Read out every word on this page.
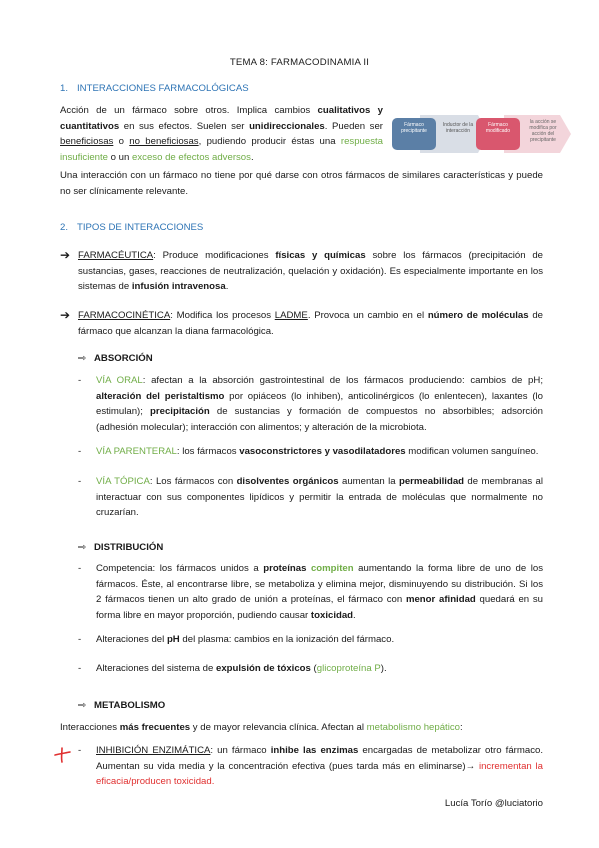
TEMA 8: FARMACODINAMIA II
1. INTERACCIONES FARMACOLÓGICAS
Acción de un fármaco sobre otros. Implica cambios cualitativos y cuantitativos en sus efectos. Suelen ser unidireccionales. Pueden ser beneficiosas o no beneficiosas, pudiendo producir éstas una respuesta insuficiente o un exceso de efectos adversos.
Fármaco precipitante
Inductor de la interacción
Fármaco modificado
la acción se modifica por acción del precipitante
Una interacción con un fármaco no tiene por qué darse con otros fármacos de similares características y puede no ser clínicamente relevante.
2. TIPOS DE INTERACCIONES
➔ FARMACÉUTICA: Produce modificaciones físicas y químicas sobre los fármacos (precipitación de sustancias, gases, reacciones de neutralización, quelación y oxidación). Es especialmente importante en los sistemas de infusión intravenosa.
➔ FARMACOCINÉTICA: Modifica los procesos LADME. Provoca un cambio en el número de moléculas de fármaco que alcanzan la diana farmacológica.
⇨ ABSORCIÓN
- VÍA ORAL: afectan a la absorción gastrointestinal de los fármacos produciendo: cambios de pH; alteración del peristaltismo por opiáceos (lo inhiben), anticolinérgicos (lo enlentecen), laxantes (lo estimulan); precipitación de sustancias y formación de compuestos no absorbibles; adsorción (adhesión molecular); interacción con alimentos; y alteración de la microbiota.
- VÍA PARENTERAL: los fármacos vasoconstrictores y vasodilatadores modifican volumen sanguíneo.
- VÍA TÓPICA: Los fármacos con disolventes orgánicos aumentan la permeabilidad de membranas al interactuar con sus componentes lipídicos y permitir la entrada de moléculas que normalmente no cruzarían.
⇨ DISTRIBUCIÓN
- Competencia: los fármacos unidos a proteínas compiten aumentando la forma libre de uno de los fármacos. Éste, al encontrarse libre, se metaboliza y elimina mejor, disminuyendo su distribución. Si los 2 fármacos tienen un alto grado de unión a proteínas, el fármaco con menor afinidad quedará en su forma libre en mayor proporción, pudiendo causar toxicidad.
- Alteraciones del pH del plasma: cambios en la ionización del fármaco.
- Alteraciones del sistema de expulsión de tóxicos (glicoproteína P).
⇨ METABOLISMO
Interacciones más frecuentes y de mayor relevancia clínica. Afectan al metabolismo hepático:
- INHIBICIÓN ENZIMÁTICA: un fármaco inhibe las enzimas encargadas de metabolizar otro fármaco. Aumentan su vida media y la concentración efectiva (pues tarda más en eliminarse)→ incrementan la eficacia/producen toxicidad.
Lucía Torío @luciatorio
